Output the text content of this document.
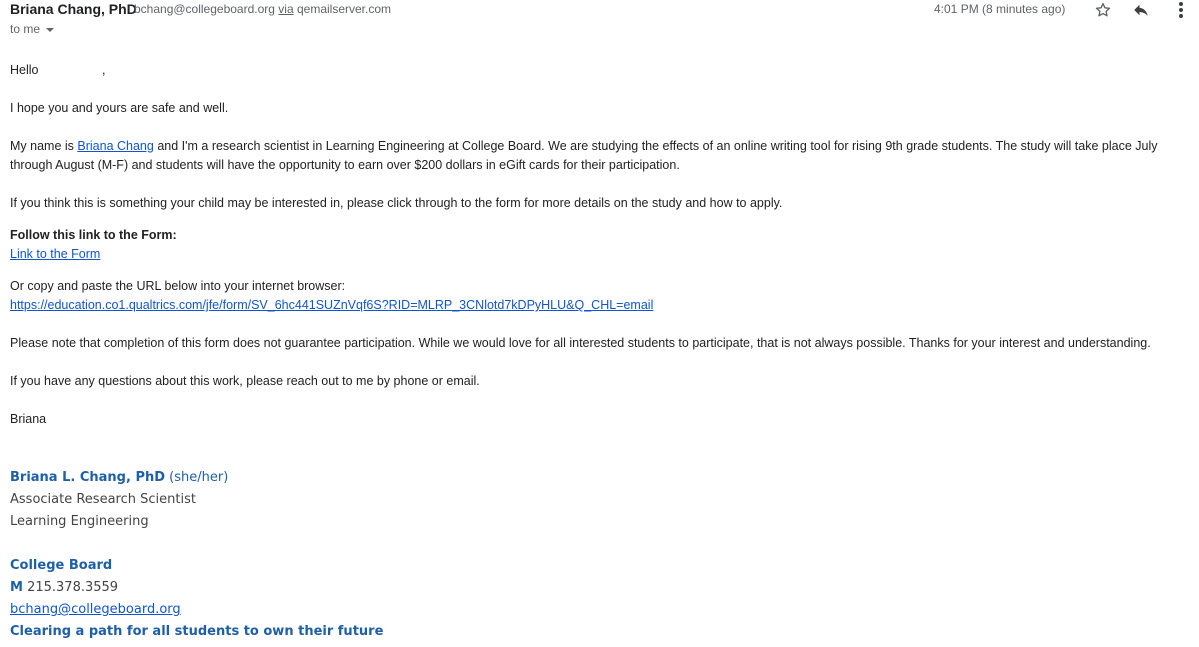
Briana Chang, PhD
bchang@collegeboard.org via qemailserver.com
to me
4:01 PM (8 minutes ago)

Hello	,

I hope you and yours are safe and well.

My name is Briana Chang and I'm a research scientist in Learning Engineering at College Board. We are studying the effects of an online writing tool for rising 9th grade students. The study will take place July through August (M-F) and students will have the opportunity to earn over $200 dollars in eGift cards for their participation.

If you think this is something your child may be interested in, please click through to the form for more details on the study and how to apply.

Follow this link to the Form:
Link to the Form
Or copy and paste the URL below into your internet browser:
https://education.co1.qualtrics.com/jfe/form/SV_6hc441SUZnVqf6S?RID=MLRP_3CNlotd7kDPyHLU&Q_CHL=email

Please note that completion of this form does not guarantee participation. While we would love for all interested students to participate, that is not always possible. Thanks for your interest and understanding.

If you have any questions about this work, please reach out to me by phone or email.

Briana

Briana L. Chang, PhD (she/her)
Associate Research Scientist
Learning Engineering
College Board
M 215.378.3559
bchang@collegeboard.org
Clearing a path for all students to own their future
